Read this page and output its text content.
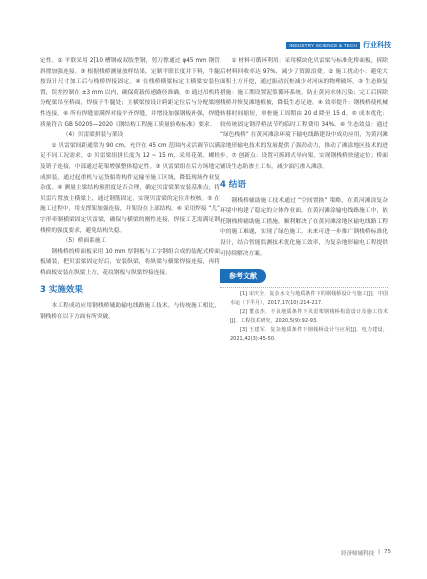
INDUSTRY SCIENCE & TECH 行业科技

定性。② 平联采用 2[10 槽钢或双肢型钢，剪刀撑通过 φ45 mm 钢管斜撑加强连接。③ 根据栈桥测量放样结果，定制平联长度并下料，牛腿按设计尺寸加工后与栈桥焊接固定。④ 在栈桥横梁标定主横梁安装位置，误差控制在 ±3 mm 以内，确保荷载传递路径准确。⑤ 通过吊机将分配梁吊至桥面，焊接于牛腿处；主横梁按设计跨距定位后与分配梁刚性连接。⑥ 所有焊缝需满焊对接平齐焊缝，并增设加强钢板补强，焊缝质量符合 GB 50205—2020《钢结构工程施工质量验收标准》要求。

（4）贝雷梁拼装与架设

① 贝雷梁间距通常为 90 cm，允许在 45 cm 范围内灵活调节以满足不同工况需求。② 贝雷梁组拼长度为 12 ~ 15 m，采用花架、螺栓及销子连接，中部通过花架增强整体稳定性。③ 贝雷梁组在后方场地完成拼装，通过起重机与运货船将构件运输至施工区域，降低现场作业复杂度。④ 测量主梁结构预拱度是否合理，确定贝雷梁架安装基准点；将贝雷片置放主横梁上，通过钢筋固定，实现贝雷梁的定位并校核。⑤ 在施工过程中，用支撑架加强连接，并架设在上部结构。⑥ 采用焊接 “儿” 字形牵制横梁固定贝雷梁，确保与横梁的刚性连接，焊接工艺需满足钢栈桥的强度要求，避免结构失稳。

（5）桥面系施工

钢栈桥的桥面板采用 10 mm 厚钢板与工字钢组合成的装配式桥面板铺装，把贝雷梁固定好后，安装纵梁，将纵梁与横梁焊接连接，再将桥面板安装在纵梁上方，花纹钢板与纵梁焊接连接。

3 实施效果

本工程成功应用钢栈桥辅助输电线路施工技术。与传统施工相比，钢栈桥在以下方面有所突破。

① 材料可循环利用：采用模块化贝雷梁与标准化桥面板，拆除后材料回收率达 97%，减少了资源浪费。② 施工扰动小：避免大面积土方开挖，通过振动沉桩减少对河床的物理破坏。③ 生态修复措施：施工期设置泥浆循环系统，防止黄河水体污染；完工后拆除栈桥并恢复滩地植被，降低生态足迹。④ 效率提升：钢栈桥使机械转移时间缩短，单桩施工周期由 20 d 降至 15 d。⑤ 成本优化：较传统固定钢浮桥法节约临时工程费用 34%。⑥ 生态效益：通过 “绿色栈桥” 在黄河滩涂环境下输电线路建设中成功应用，为黄河滩涂地形输电技术的发展提供了强劲动力，推动了滩涂地区技术的进步。⑦ 创新点：设置可拆卸式导向架，实现钢栈桥快速定位；桥面铺设生态防渗土工布，减少油污渗入滩涂。

4 结语

钢栈桥辅助施工技术通过 “空间置换” 策略，在黄河滩涂复杂环境中构建了稳定的立体作业面。在黄河滩涂输电线路施工中，依托钢栈桥辅助施工措施，顺利解决了在黄河滩涂地区输电线路工程中的施工难题，实现了绿色施工。未来可进一步推广钢栈桥标准化设计，结合智能监测技术优化施工效率，为复杂地形输电工程提供可持续解决方案。

参考文献

[1] 宋庆全．复杂水文与地质条件下的钢栈桥设计与施工[J]．中国水运（下半月），2017,17(10):214-217.

[2] 董彦杰．不良地质条件下贝雷架钢栈桥构造设计及施工技术[J]．工程技术研究，2020,5(9):92-93.

[3] 王建军．复杂地质条件下钢栈桥设计与应用[J]．电力建设，2021,42(3):45-50.

经济师辅科技 | 75
